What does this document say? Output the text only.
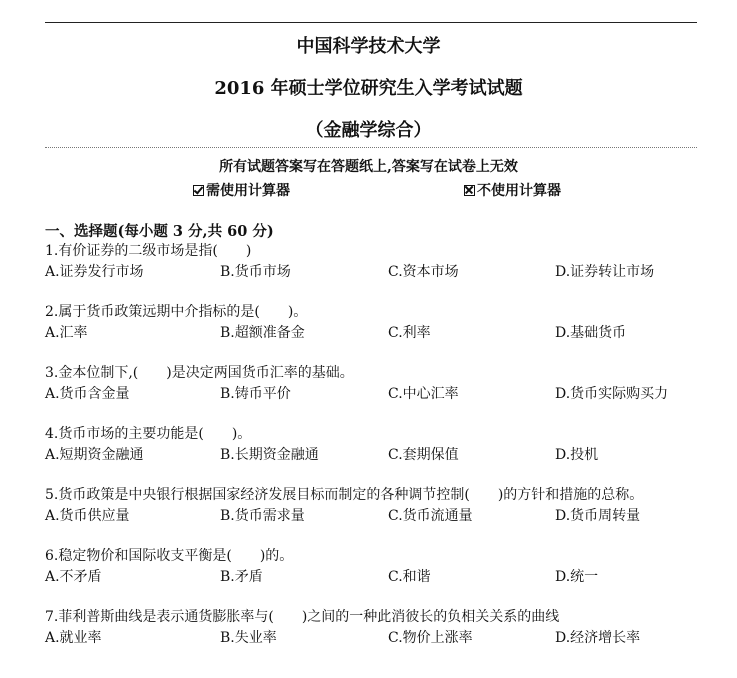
中国科学技术大学
2016 年硕士学位研究生入学考试试题
（金融学综合）
所有试题答案写在答题纸上,答案写在试卷上无效
需使用计算器	不使用计算器
一、选择题(每小题 3 分,共 60 分)
1. 有价证券的二级市场是指(　　)
A.证券发行市场	B.货币市场	C.资本市场	D.证券转让市场
2. 属于货币政策远期中介指标的是(　　)。
A.汇率	B.超额准备金	C.利率	D.基础货币
3. 金本位制下,(　　)是决定两国货币汇率的基础。
A.货币含金量	B.铸币平价	C.中心汇率	D.货币实际购买力
4. 货币市场的主要功能是(　　)。
A.短期资金融通	B.长期资金融通	C.套期保值	D.投机
5. 货币政策是中央银行根据国家经济发展目标而制定的各种调节控制(　　)的方针和措施的总称。
A.货币供应量	B.货币需求量	C.货币流通量	D.货币周转量
6. 稳定物价和国际收支平衡是(　　)的。
A.不矛盾	B.矛盾	C.和谐	D.统一
7. 菲利普斯曲线是表示通货膨胀率与(　　)之间的一种此消彼长的负相关关系的曲线
A.就业率	B.失业率	C.物价上涨率	D.经济增长率
